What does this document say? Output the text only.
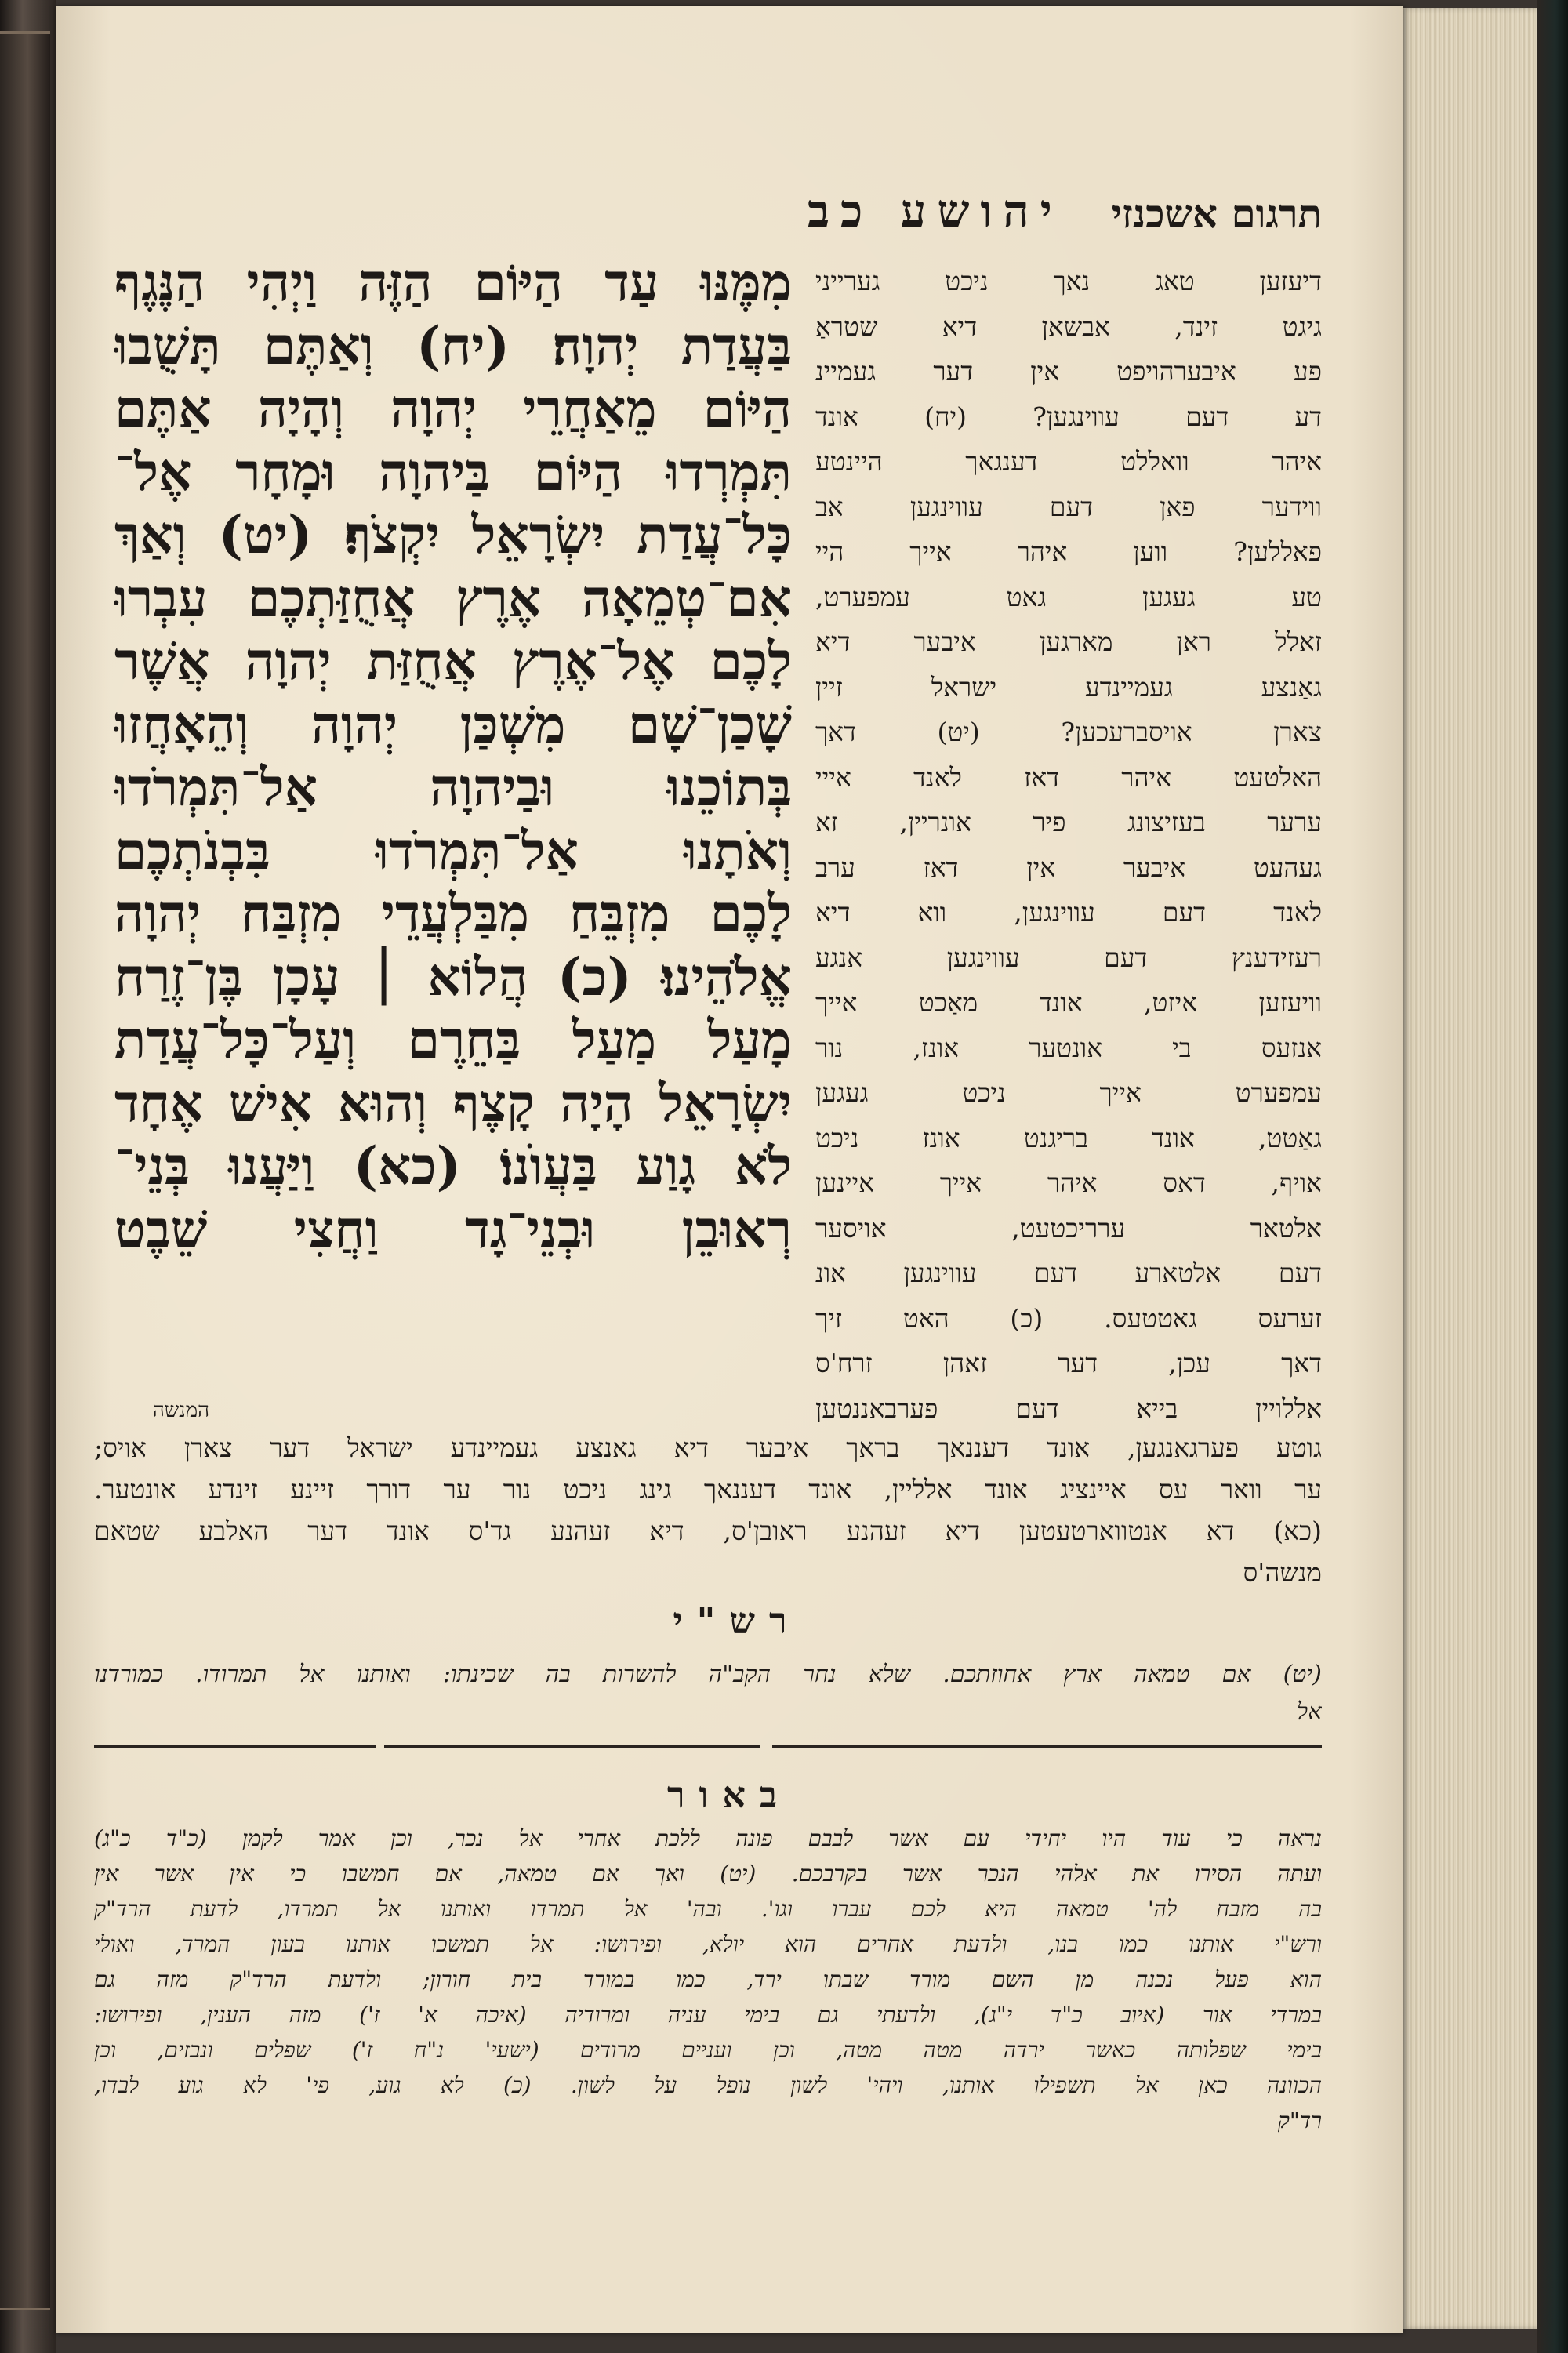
יהושע כב	תרגום אשכנזי
מִמֶּנּוּ עַד הַיּוֹם הַזֶּה וַיְהִי הַנֶּגֶף
בַּעֲדַת יְהוָה׃ (יח) וְאַתֶּם תָּשֻׁבוּ
הַיּוֹם מֵאַחֲרֵי יְהוָה וְהָיָה אַתֶּם
תִּמְרְדוּ הַיּוֹם בַּיהוָה וּמָחָר אֶל־
כָּל־עֲדַת יִשְׂרָאֵל יִקְצֹף׃ (יט) וְאַךְ
אִם־טְמֵאָה אֶרֶץ אֲחֻזַּתְכֶם עִבְרוּ
לָכֶם אֶל־אֶרֶץ אֲחֻזַּת יְהוָה אֲשֶׁר
שָׁכַן־שָׁם מִשְׁכַּן יְהוָה וְהֵאָחֲזוּ
בְּתוֹכֵנוּ וּבַיהוָה אַל־תִּמְרֹדוּ
וְאֹתָנוּ אַל־תִּמְרֹדוּ בִּבְנֹתְכֶם
לָכֶם מִזְבֵּחַ מִבַּלְעֲדֵי מִזְבַּח יְהוָה
אֱלֹהֵינוּ׃ (כ) הֲלוֹא ׀ עָכָן בֶּן־זֶרַח
מָעַל מַעַל בַּחֵרֶם וְעַל־כָּל־עֲדַת
יִשְׂרָאֵל הָיָה קָצֶף וְהוּא אִישׁ אֶחָד
לֹא גָוַע בַּעֲוֺנוֹ׃ (כא) וַיַּעֲנוּ בְּנֵי־
רְאוּבֵן וּבְנֵי־גָד וַחֲצִי שֵׁבֶט
המנשה
דיעזען טאג נאך ניכט גערייני
גיגט זינד, אבשאן דיא שטראַ
פע איבערהויפט אין דער געמיינ
דע דעם עווינגען? (יח) אונד
איהר וואללט דענגאך היינטע
ווידער פאן דעם עווינגען אב
פאללען? ווען איהר אייך היי
טע געגען גאט עמפערט,
זאלל ראן מארגען איבער דיא
גאַנצע געמיינדע ישראל זיין
צארן אויסברעכען? (יט) דאך
האלטעט איהר דאז לאנד אייי
ערער בעזיצונג פיר אונריין, זא
געהעט איבער אין דאז ערב
לאנד דעם עווינגען, ווא דיא
רעזידענץ דעם עווינגען אנגע
וויעזען איזט, אונד מאַכט אייך
אנזעס בי אונטער אונז, נור
עמפערט אייך ניכט געגען
גאַטט, אונד בריגנט אונז ניכט
אויף, דאס איהר אייך איינען
אלטאר ערריכטעט, אויסער
דעם אלטארע דעם עווינגען אונ
זערעס גאטטעס. (כ) האט זיך
דאך עכן, דער זאהן זרח'ס
אללויין בייא דעם פערבאננטען
גוטע פערגאנגען, אונד דעננאך בראך איבער דיא גאנצע געמיינדע ישראל דער צארן אויס;
ער וואר עס איינציג אונד אלליין, אונד דעננאך גינג ניכט נור ער דורך זיינע זינדע אונטער.
(כא) דא אנטווארטעטען דיא זעהנע ראובן'ס, דיא זעהנע גד'ס אונד דער האלבע שטאם
מנשה'ס
רש"י
(יט) אם טמאה ארץ אחוזתכם. שלא נחר הקב"ה להשרות בה שכינתו: ואותנו אל תמרודו. כמורדנו
אל
באור
נראה כי עוד היו יחידי עם אשר לבבם פונה ללכת אחרי אל נכר, וכן אמר לקמן (כ"ד כ"ג)
ועתה הסירו את אלהי הנכר אשר בקרבכם. (יט) ואך אם טמאה, אם חמשבו כי אין אשר אין
בה מזבח לה' טמאה היא לכם עברו וגו'. ובה' אל תמרדו ואותנו אל תמרדו, לדעת הרד"ק
ורש"י אותנו כמו בנו, ולדעת אחרים הוא יולא, ופירושו: אל תמשכו אותנו בעון המרד, ואולי
הוא פעל נכנה מן השם מורד שבתו ירד, כמו במורד בית חורון; ולדעת הרד"ק מזה גם
במרדי אור (איוב כ"ד י"ג), ולדעתי גם בימי עניה ומרודיה (איכה א' ז') מזה הענין, ופירושו:
בימי שפלותה כאשר ירדה מטה מטה, וכן ועניים מרודים (ישעי' נ"ח ז') שפלים ונבזים, וכן
הכוונה כאן אל תשפילו אותנו, ויהי' לשון נופל על לשון. (כ) לא גוע, פי' לא גוע לבדו,
רד"ק
